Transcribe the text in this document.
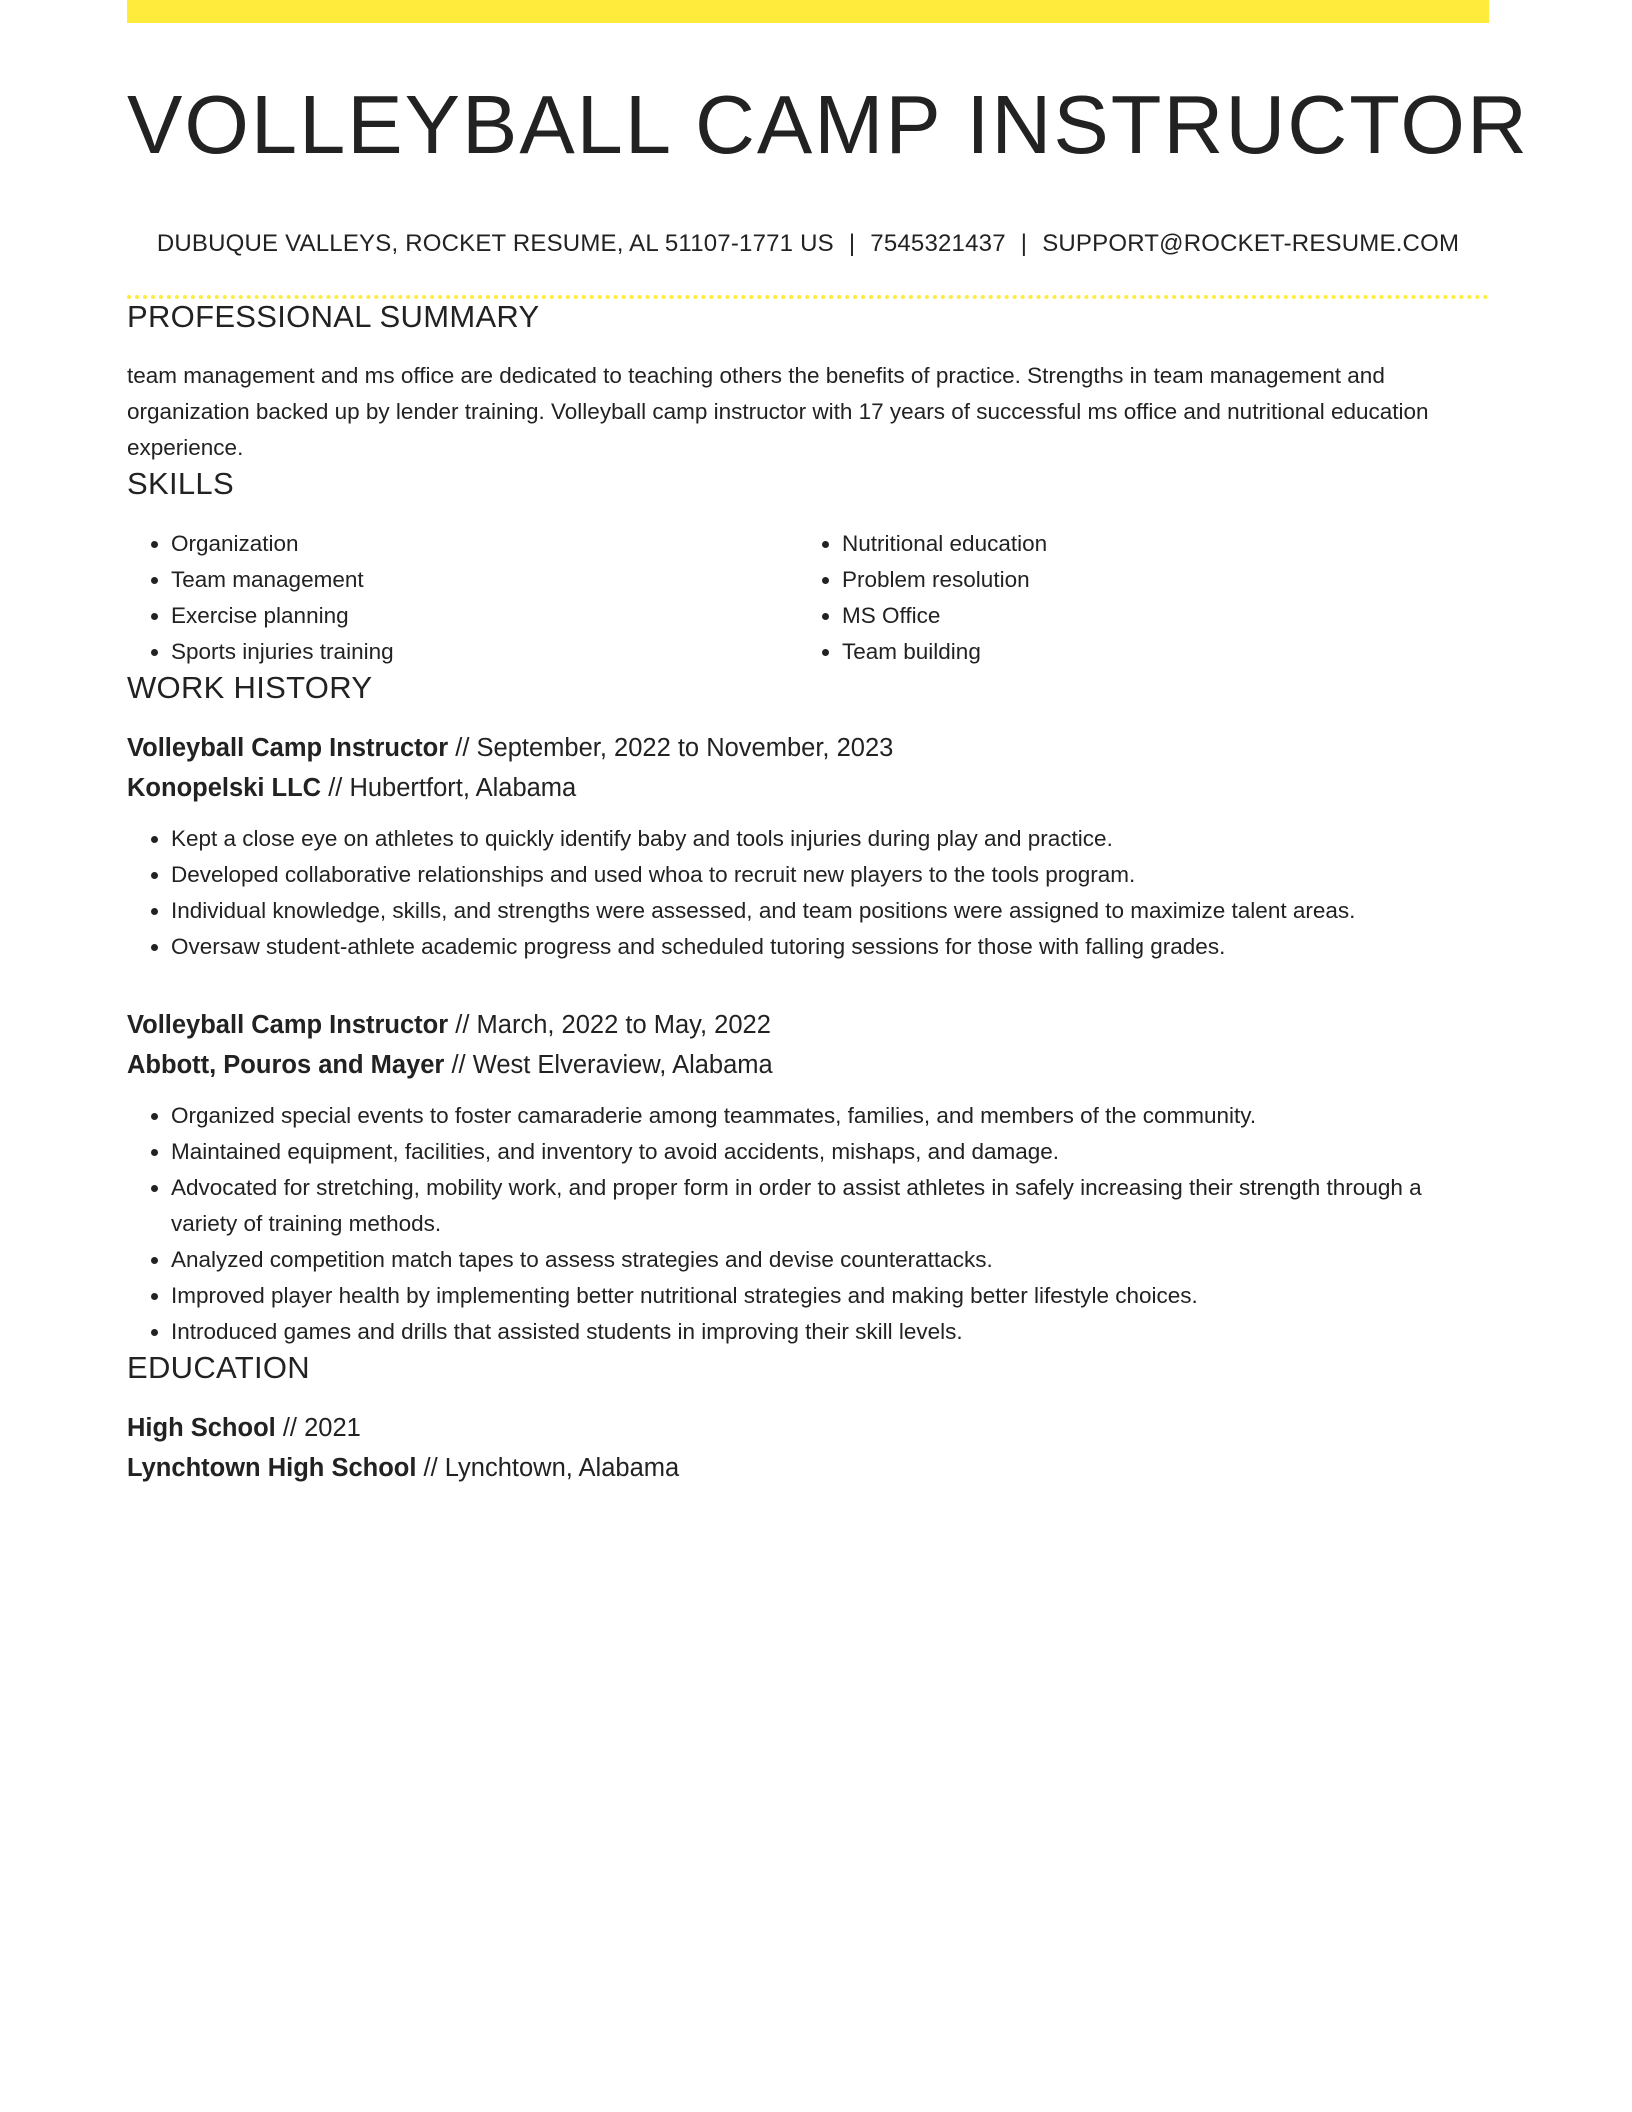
VOLLEYBALL CAMP INSTRUCTOR
DUBUQUE VALLEYS, ROCKET RESUME, AL 51107-1771 US | 7545321437 | SUPPORT@ROCKET-RESUME.COM
PROFESSIONAL SUMMARY
team management and ms office are dedicated to teaching others the benefits of practice. Strengths in team management and organization backed up by lender training. Volleyball camp instructor with 17 years of successful ms office and nutritional education experience.
SKILLS
• Organization
• Team management
• Exercise planning
• Sports injuries training
• Nutritional education
• Problem resolution
• MS Office
• Team building
WORK HISTORY
Volleyball Camp Instructor // September, 2022 to November, 2023
Konopelski LLC // Hubertfort, Alabama
• Kept a close eye on athletes to quickly identify baby and tools injuries during play and practice.
• Developed collaborative relationships and used whoa to recruit new players to the tools program.
• Individual knowledge, skills, and strengths were assessed, and team positions were assigned to maximize talent areas.
• Oversaw student-athlete academic progress and scheduled tutoring sessions for those with falling grades.
Volleyball Camp Instructor // March, 2022 to May, 2022
Abbott, Pouros and Mayer // West Elveraview, Alabama
• Organized special events to foster camaraderie among teammates, families, and members of the community.
• Maintained equipment, facilities, and inventory to avoid accidents, mishaps, and damage.
• Advocated for stretching, mobility work, and proper form in order to assist athletes in safely increasing their strength through a variety of training methods.
• Analyzed competition match tapes to assess strategies and devise counterattacks.
• Improved player health by implementing better nutritional strategies and making better lifestyle choices.
• Introduced games and drills that assisted students in improving their skill levels.
EDUCATION
High School // 2021
Lynchtown High School // Lynchtown, Alabama
